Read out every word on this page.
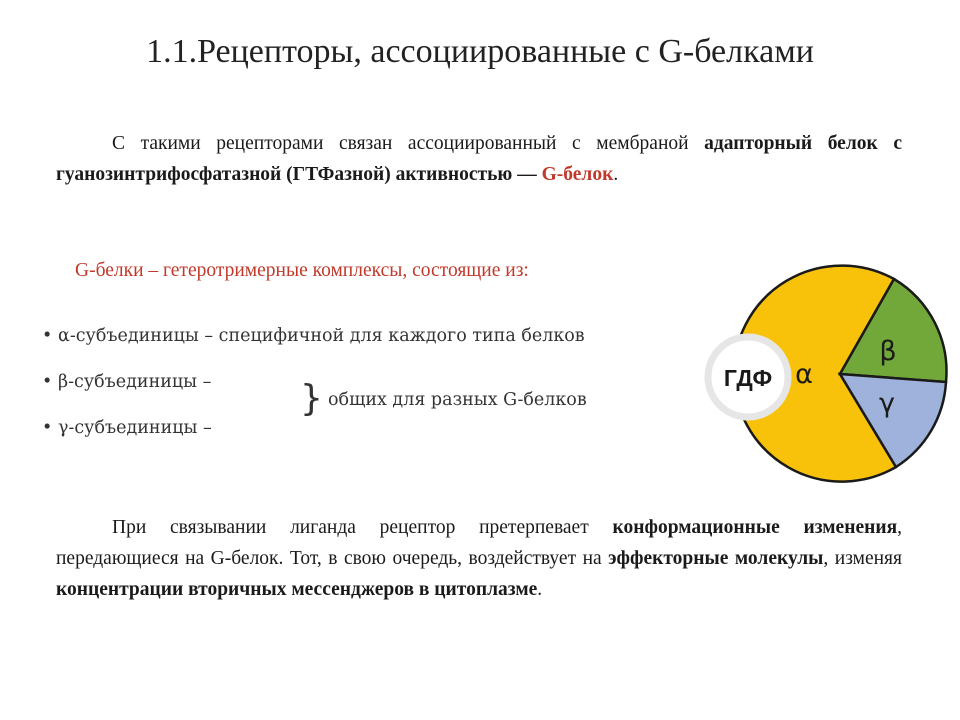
1.1.Рецепторы, ассоциированные с G-белками
С такими рецепторами связан ассоциированный с мембраной адапторный белок с гуанозинтрифосфатазной (ГТФазной) активностью — G-белок.
G-белки – гетеротримерные комплексы, состоящие из:
• α-субъединицы – специфичной для каждого типа белков
• β-субъединицы –
• γ-субъединицы –
} общих для разных G-белков
ГДФ α
β
γ
При связывании лиганда рецептор претерпевает конформационные изменения, передающиеся на G-белок. Тот, в свою очередь, воздействует на эффекторные молекулы, изменяя концентрации вторичных мессенджеров в цитоплазме.
